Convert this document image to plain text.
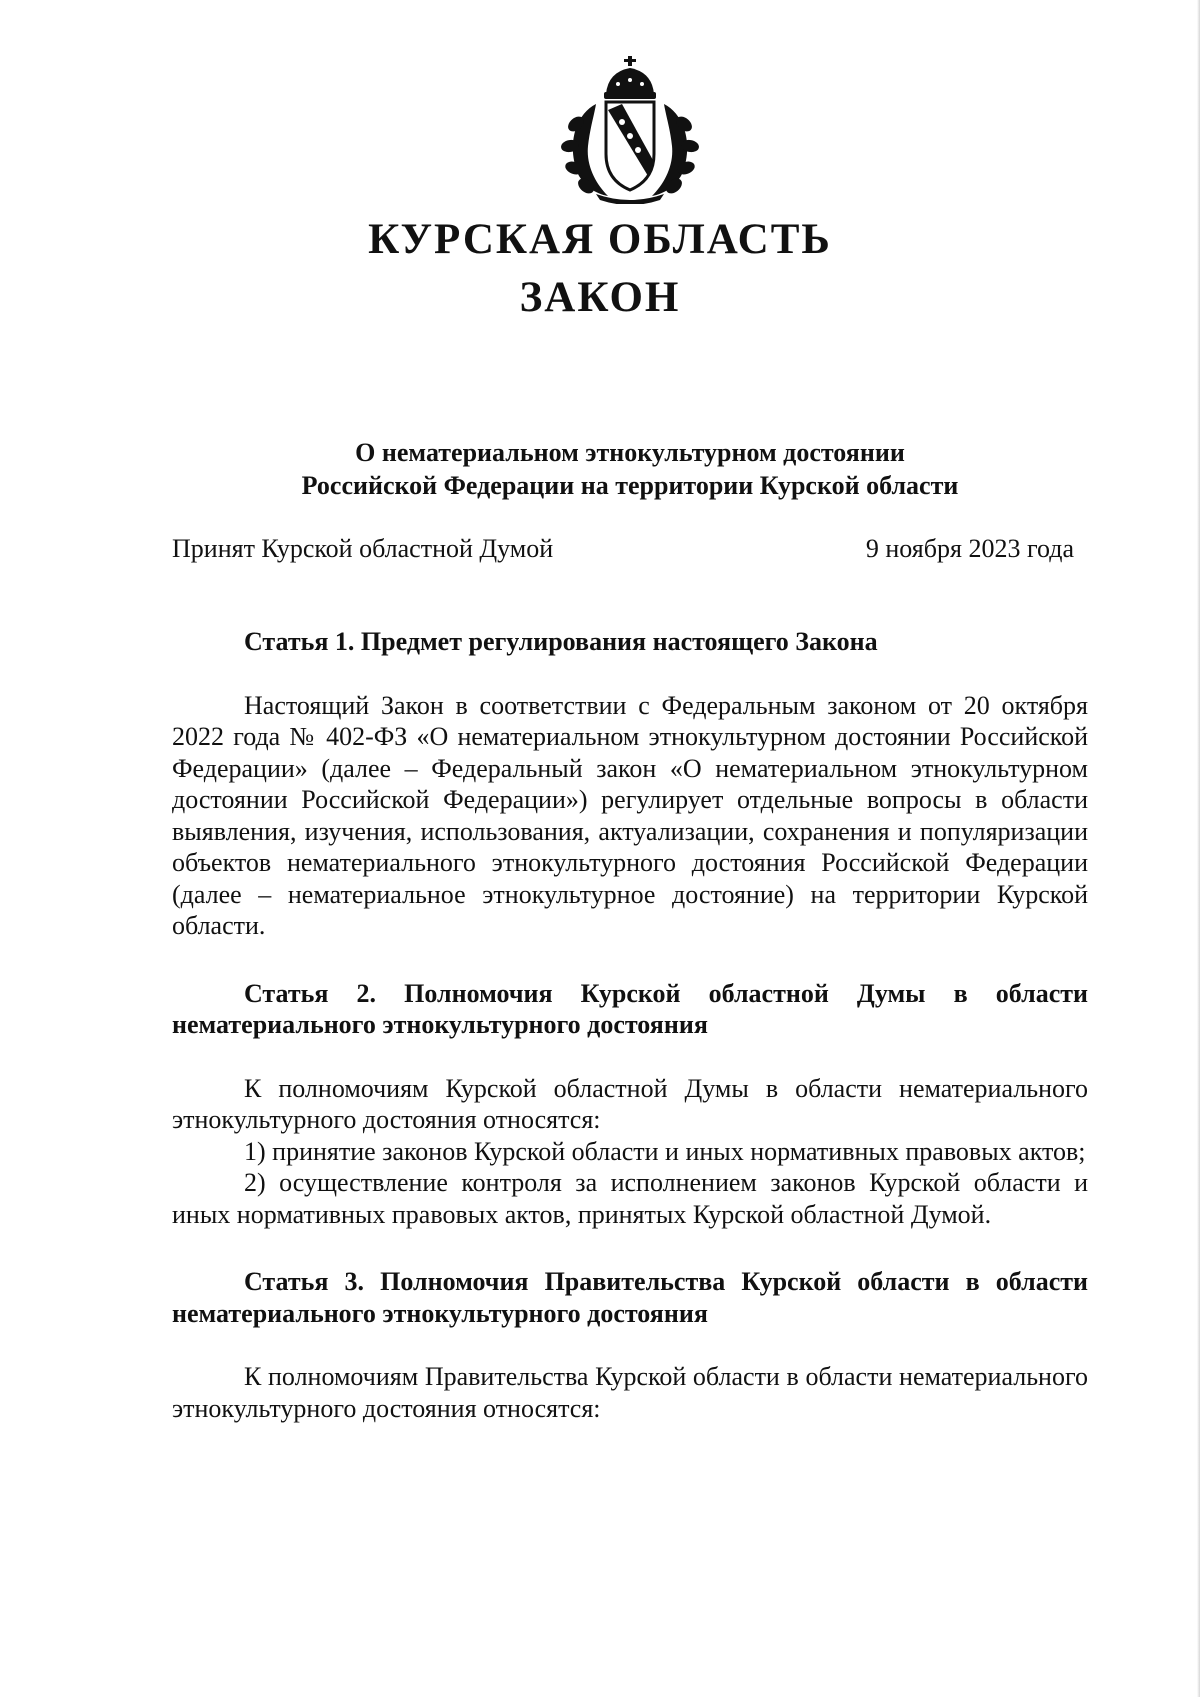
КУРСКАЯ ОБЛАСТЬ
ЗАКОН
О нематериальном этнокультурном достоянии
Российской Федерации на территории Курской области
Принят Курской областной Думой	9 ноября 2023 года

Статья 1. Предмет регулирования настоящего Закона

Настоящий Закон в соответствии с Федеральным законом от 20 октября 2022 года № 402-ФЗ «О нематериальном этнокультурном достоянии Российской Федерации» (далее – Федеральный закон «О нематериальном этнокультурном достоянии Российской Федерации») регулирует отдельные вопросы в области выявления, изучения, использования, актуализации, сохранения и популяризации объектов нематериального этнокультурного достояния Российской Федерации (далее – нематериальное этнокультурное достояние) на территории Курской области.

Статья 2. Полномочия Курской областной Думы в области нематериального этнокультурного достояния

К полномочиям Курской областной Думы в области нематериального этнокультурного достояния относятся:

1) принятие законов Курской области и иных нормативных правовых актов;

2) осуществление контроля за исполнением законов Курской области и иных нормативных правовых актов, принятых Курской областной Думой.

Статья 3. Полномочия Правительства Курской области в области нематериального этнокультурного достояния

К полномочиям Правительства Курской области в области нематериального этнокультурного достояния относятся:
